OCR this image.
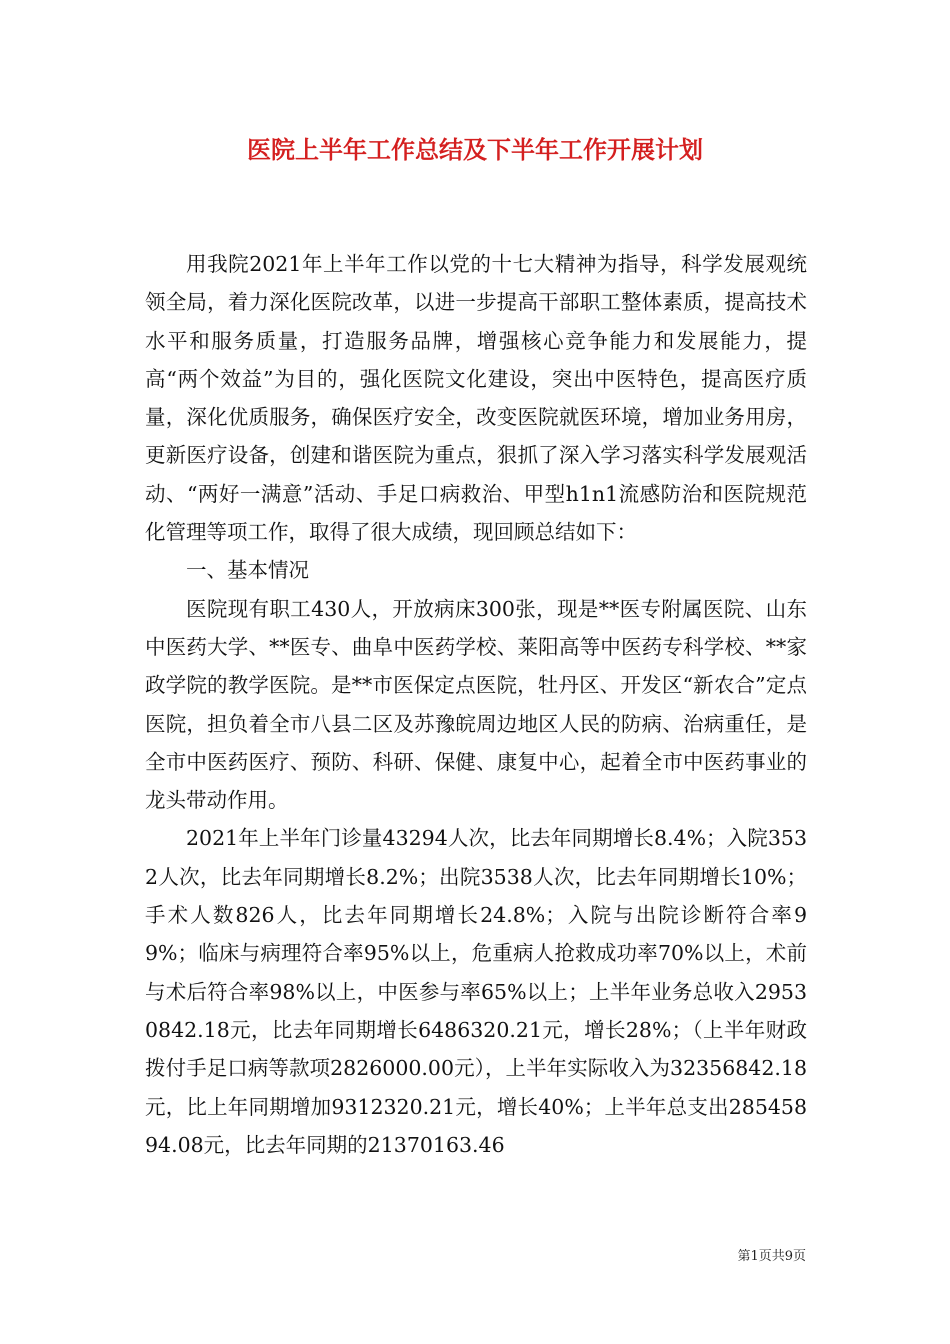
医院上半年工作总结及下半年工作开展计划

用我院2021年上半年工作以党的十七大精神为指导，科学发展观统领全局，着力深化医院改革，以进一步提高干部职工整体素质，提高技术水平和服务质量，打造服务品牌，增强核心竞争能力和发展能力，提高“两个效益”为目的，强化医院文化建设，突出中医特色，提高医疗质量，深化优质服务，确保医疗安全，改变医院就医环境，增加业务用房，更新医疗设备，创建和谐医院为重点，狠抓了深入学习落实科学发展观活动、“两好一满意”活动、手足口病救治、甲型h1n1流感防治和医院规范化管理等项工作，取得了很大成绩，现回顾总结如下：

一、基本情况

医院现有职工430人，开放病床300张，现是**医专附属医院、山东中医药大学、**医专、曲阜中医药学校、莱阳高等中医药专科学校、**家政学院的教学医院。是**市医保定点医院，牡丹区、开发区“新农合”定点医院，担负着全市八县二区及苏豫皖周边地区人民的防病、治病重任，是全市中医药医疗、预防、科研、保健、康复中心，起着全市中医药事业的龙头带动作用。

2021年上半年门诊量43294人次，比去年同期增长8.4%；入院3532人次，比去年同期增长8.2%；出院3538人次，比去年同期增长10%；手术人数826人，比去年同期增长24.8%；入院与出院诊断符合率99%；临床与病理符合率95%以上，危重病人抢救成功率70%以上，术前与术后符合率98%以上，中医参与率65%以上；上半年业务总收入29530842.18元，比去年同期增长6486320.21元，增长28%；（上半年财政拨付手足口病等款项2826000.00元），上半年实际收入为32356842.18元，比上年同期增加9312320.21元，增长40%；上半年总支出28545894.08元，比去年同期的21370163.46

第1页共9页
